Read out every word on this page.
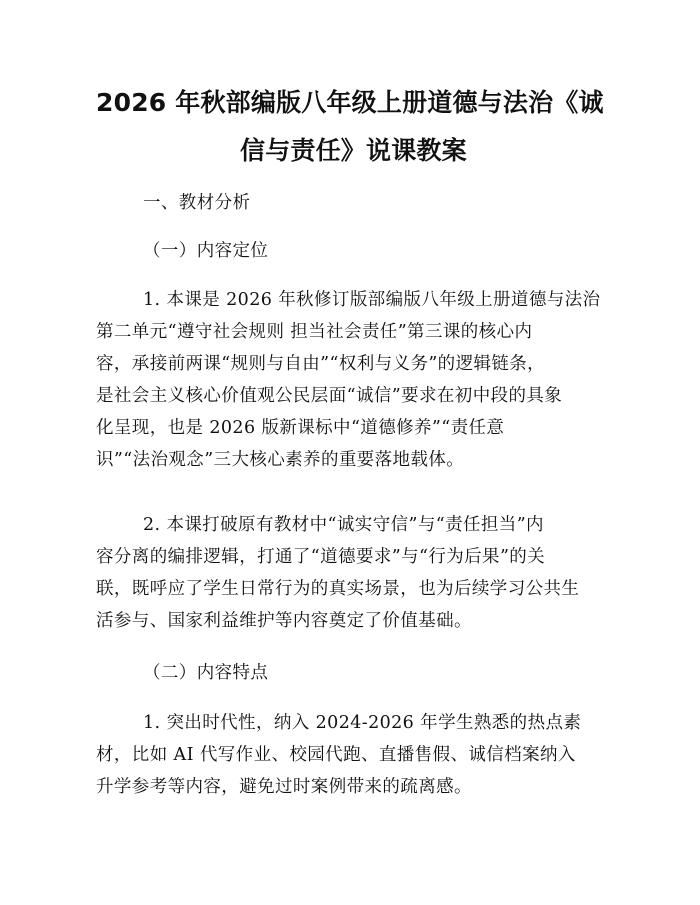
2026 年秋部编版八年级上册道德与法治《诚
信与责任》说课教案
一、教材分析
（一）内容定位
1. 本课是 2026 年秋修订版部编版八年级上册道德与法治
第二单元“遵守社会规则 担当社会责任”第三课的核心内
容，承接前两课“规则与自由”“权利与义务”的逻辑链条，
是社会主义核心价值观公民层面“诚信”要求在初中段的具象
化呈现，也是 2026 版新课标中“道德修养”“责任意
识”“法治观念”三大核心素养的重要落地载体。
2. 本课打破原有教材中“诚实守信”与“责任担当”内
容分离的编排逻辑，打通了“道德要求”与“行为后果”的关
联，既呼应了学生日常行为的真实场景，也为后续学习公共生
活参与、国家利益维护等内容奠定了价值基础。
（二）内容特点
1. 突出时代性，纳入 2024-2026 年学生熟悉的热点素
材，比如 AI 代写作业、校园代跑、直播售假、诚信档案纳入
升学参考等内容，避免过时案例带来的疏离感。
